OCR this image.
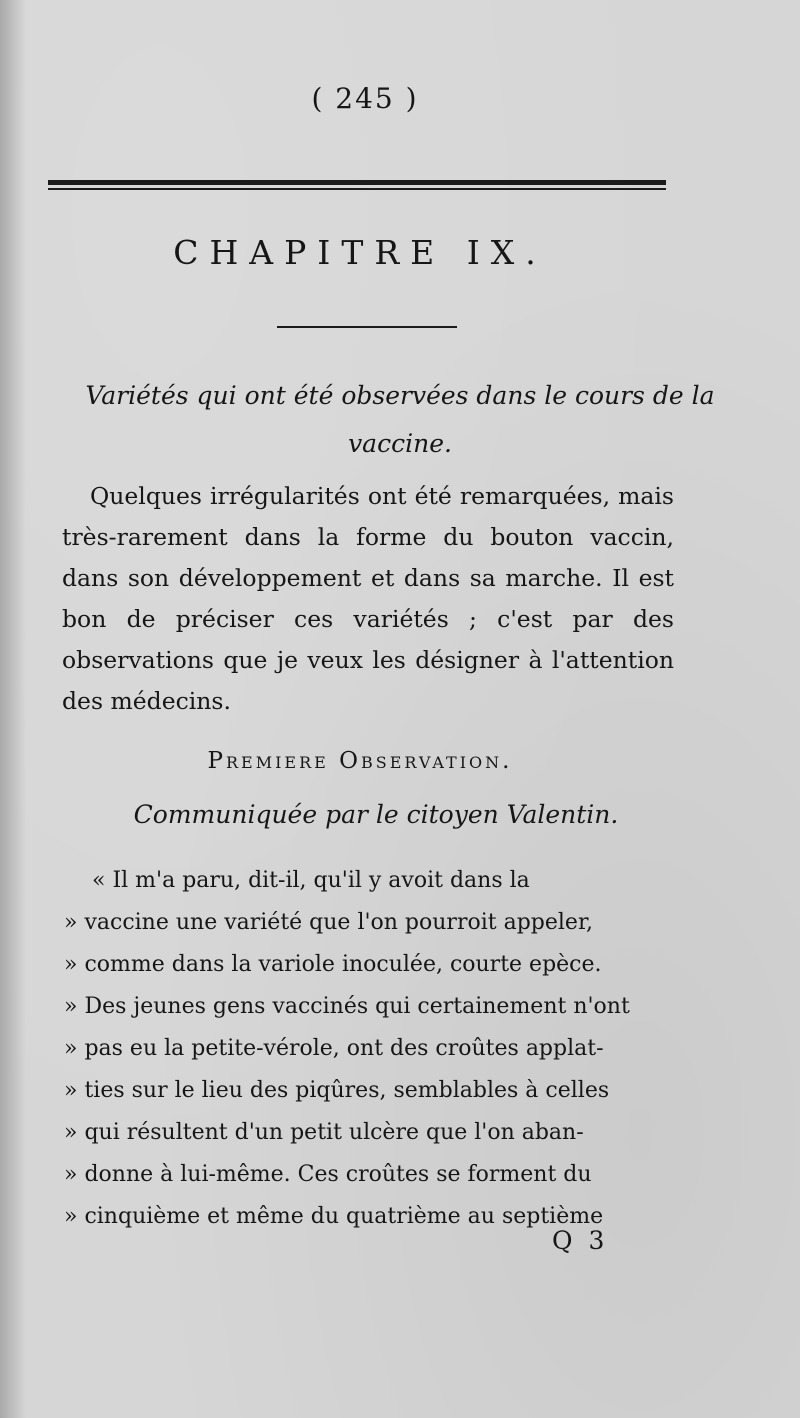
( 245 )
CHAPITRE IX.
Variétés qui ont été observées dans le cours de la vaccine.
Quelques irrégularités ont été remarquées, mais très-rarement dans la forme du bouton vaccin, dans son développement et dans sa marche. Il est bon de préciser ces variétés ; c'est par des observations que je veux les désigner à l'attention des médecins.
Premiere Observation.
Communiquée par le citoyen Valentin.
« Il m'a paru, dit-il, qu'il y avoit dans la
» vaccine une variété que l'on pourroit appeler,
» comme dans la variole inoculée, courte epèce.
» Des jeunes gens vaccinés qui certainement n'ont
» pas eu la petite-vérole, ont des croûtes applat-
» ties sur le lieu des piqûres, semblables à celles
» qui résultent d'un petit ulcère que l'on aban-
» donne à lui-même. Ces croûtes se forment du
» cinquième et même du quatrième au septième
Q 3
